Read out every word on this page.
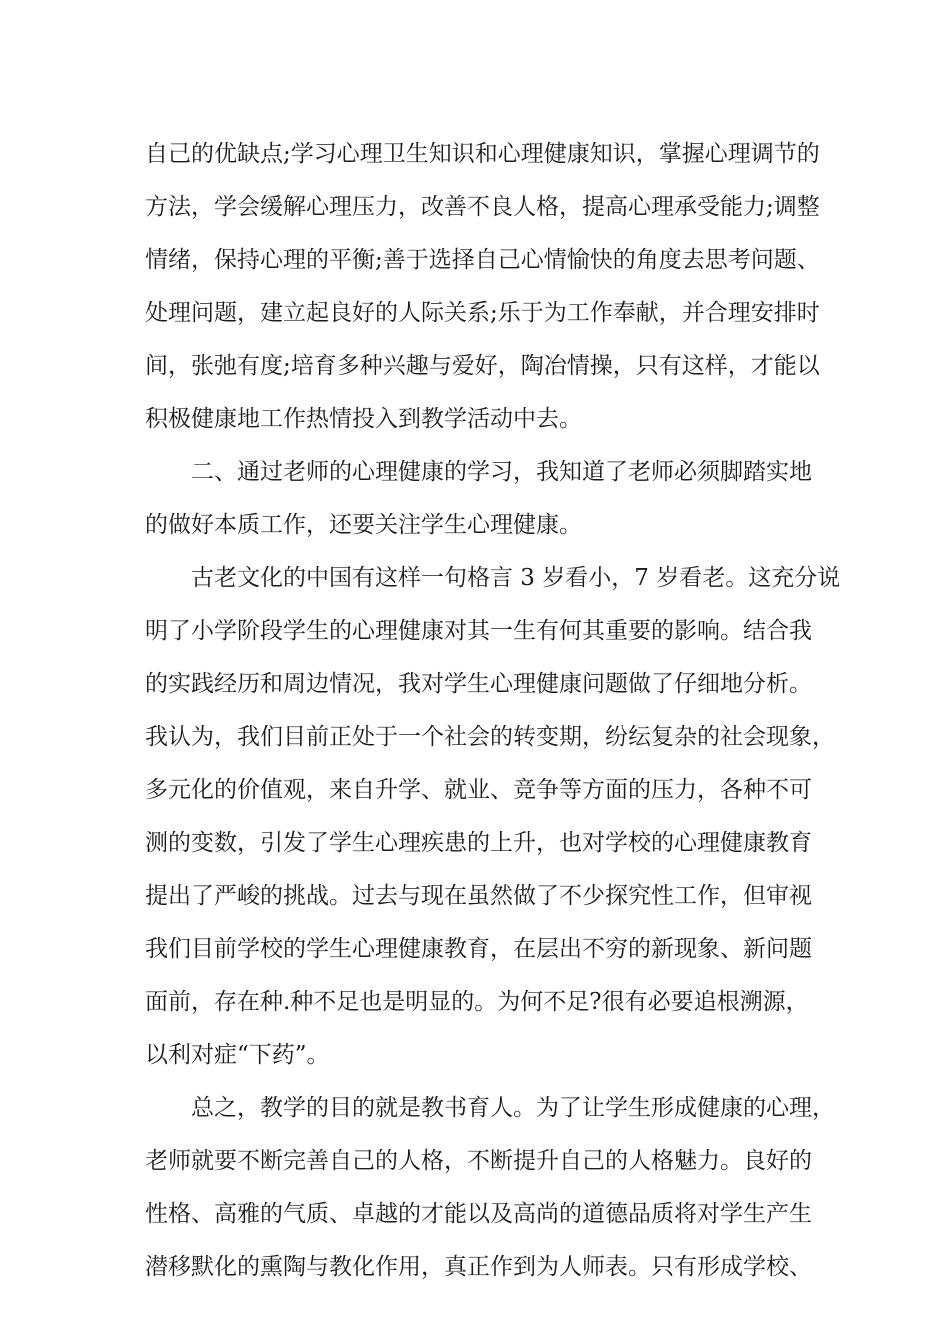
自己的优缺点;学习心理卫生知识和心理健康知识，掌握心理调节的
方法，学会缓解心理压力，改善不良人格，提高心理承受能力;调整
情绪，保持心理的平衡;善于选择自己心情愉快的角度去思考问题、
处理问题，建立起良好的人际关系;乐于为工作奉献，并合理安排时
间，张弛有度;培育多种兴趣与爱好，陶冶情操，只有这样，才能以
积极健康地工作热情投入到教学活动中去。
二、通过老师的心理健康的学习，我知道了老师必须脚踏实地
的做好本质工作，还要关注学生心理健康。
古老文化的中国有这样一句格言 3 岁看小，7 岁看老。这充分说
明了小学阶段学生的心理健康对其一生有何其重要的影响。结合我
的实践经历和周边情况，我对学生心理健康问题做了仔细地分析。
我认为，我们目前正处于一个社会的转变期，纷纭复杂的社会现象，
多元化的价值观，来自升学、就业、竞争等方面的压力，各种不可
测的变数，引发了学生心理疾患的上升，也对学校的心理健康教育
提出了严峻的挑战。过去与现在虽然做了不少探究性工作，但审视
我们目前学校的学生心理健康教育，在层出不穷的新现象、新问题
面前，存在种.种不足也是明显的。为何不足?很有必要追根溯源，
以利对症“下药”。
总之，教学的目的就是教书育人。为了让学生形成健康的心理，
老师就要不断完善自己的人格，不断提升自己的人格魅力。良好的
性格、高雅的气质、卓越的才能以及高尚的道德品质将对学生产生
潜移默化的熏陶与教化作用，真正作到为人师表。只有形成学校、
